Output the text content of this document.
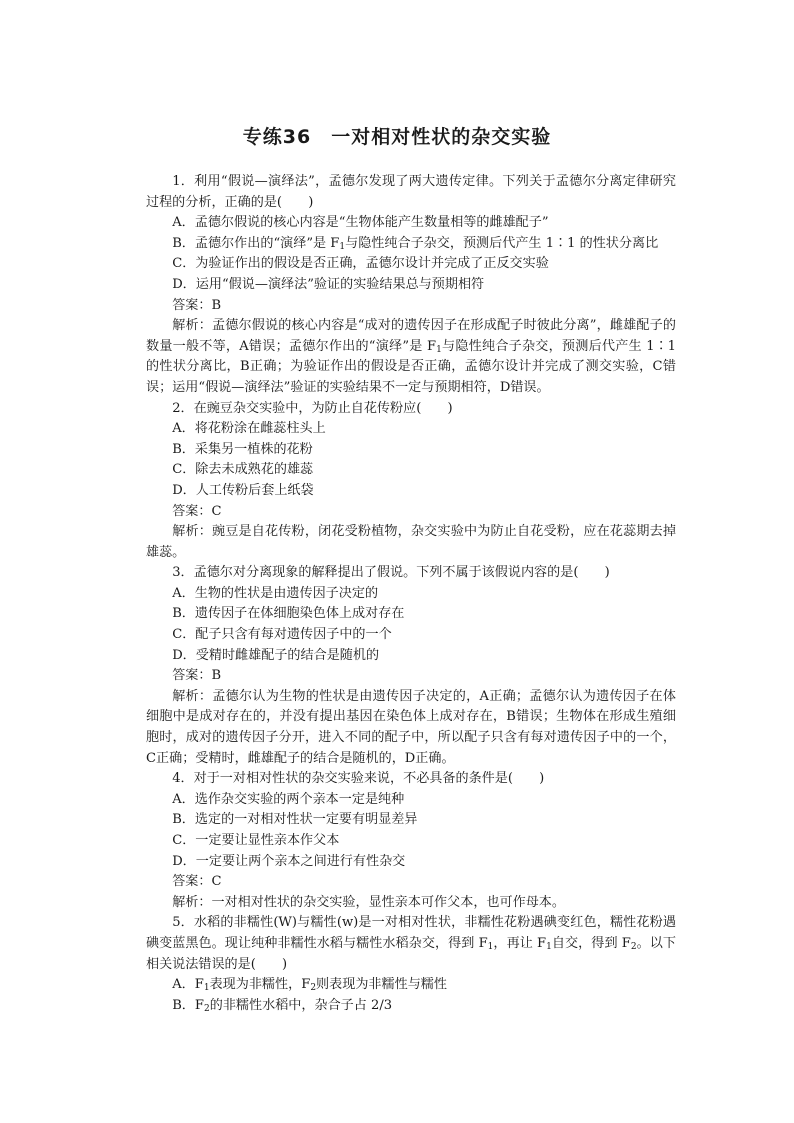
专练36　一对相对性状的杂交实验

1．利用“假说—演绎法”，孟德尔发现了两大遗传定律。下列关于孟德尔分离定律研究过程的分析，正确的是(　　)

A．孟德尔假说的核心内容是“生物体能产生数量相等的雌雄配子”

B．孟德尔作出的“演绎”是 $F_1$与隐性纯合子杂交，预测后代产生 1∶1 的性状分离比

C．为验证作出的假设是否正确，孟德尔设计并完成了正反交实验

D．运用“假说—演绎法”验证的实验结果总与预期相符

答案：B

解析：孟德尔假说的核心内容是“成对的遗传因子在形成配子时彼此分离”，雌雄配子的数量一般不等，A错误；孟德尔作出的“演绎”是 $F_1$与隐性纯合子杂交，预测后代产生 1∶1 的性状分离比，B正确；为验证作出的假设是否正确，孟德尔设计并完成了测交实验，C错误；运用“假说—演绎法”验证的实验结果不一定与预期相符，D错误。

2．在豌豆杂交实验中，为防止自花传粉应(　　)

A．将花粉涂在雌蕊柱头上

B．采集另一植株的花粉

C．除去未成熟花的雄蕊

D．人工传粉后套上纸袋

答案：C

解析：豌豆是自花传粉，闭花受粉植物，杂交实验中为防止自花受粉，应在花蕊期去掉雄蕊。

3．孟德尔对分离现象的解释提出了假说。下列不属于该假说内容的是(　　)

A．生物的性状是由遗传因子决定的

B．遗传因子在体细胞染色体上成对存在

C．配子只含有每对遗传因子中的一个

D．受精时雌雄配子的结合是随机的

答案：B

解析：孟德尔认为生物的性状是由遗传因子决定的，A正确；孟德尔认为遗传因子在体细胞中是成对存在的，并没有提出基因在染色体上成对存在，B错误；生物体在形成生殖细胞时，成对的遗传因子分开，进入不同的配子中，所以配子只含有每对遗传因子中的一个，C正确；受精时，雌雄配子的结合是随机的，D正确。

4．对于一对相对性状的杂交实验来说，不必具备的条件是(　　)

A．选作杂交实验的两个亲本一定是纯种

B．选定的一对相对性状一定要有明显差异

C．一定要让显性亲本作父本

D．一定要让两个亲本之间进行有性杂交

答案：C

解析：一对相对性状的杂交实验，显性亲本可作父本，也可作母本。

5．水稻的非糯性(W)与糯性(w)是一对相对性状，非糯性花粉遇碘变红色，糯性花粉遇碘变蓝黑色。现让纯种非糯性水稻与糯性水稻杂交，得到 $F_1$，再让 $F_1$自交，得到 $F_2$。以下相关说法错误的是(　　)

A．$F_1$表现为非糯性，$F_2$则表现为非糯性与糯性

B．$F_2$的非糯性水稻中，杂合子占 2/3
